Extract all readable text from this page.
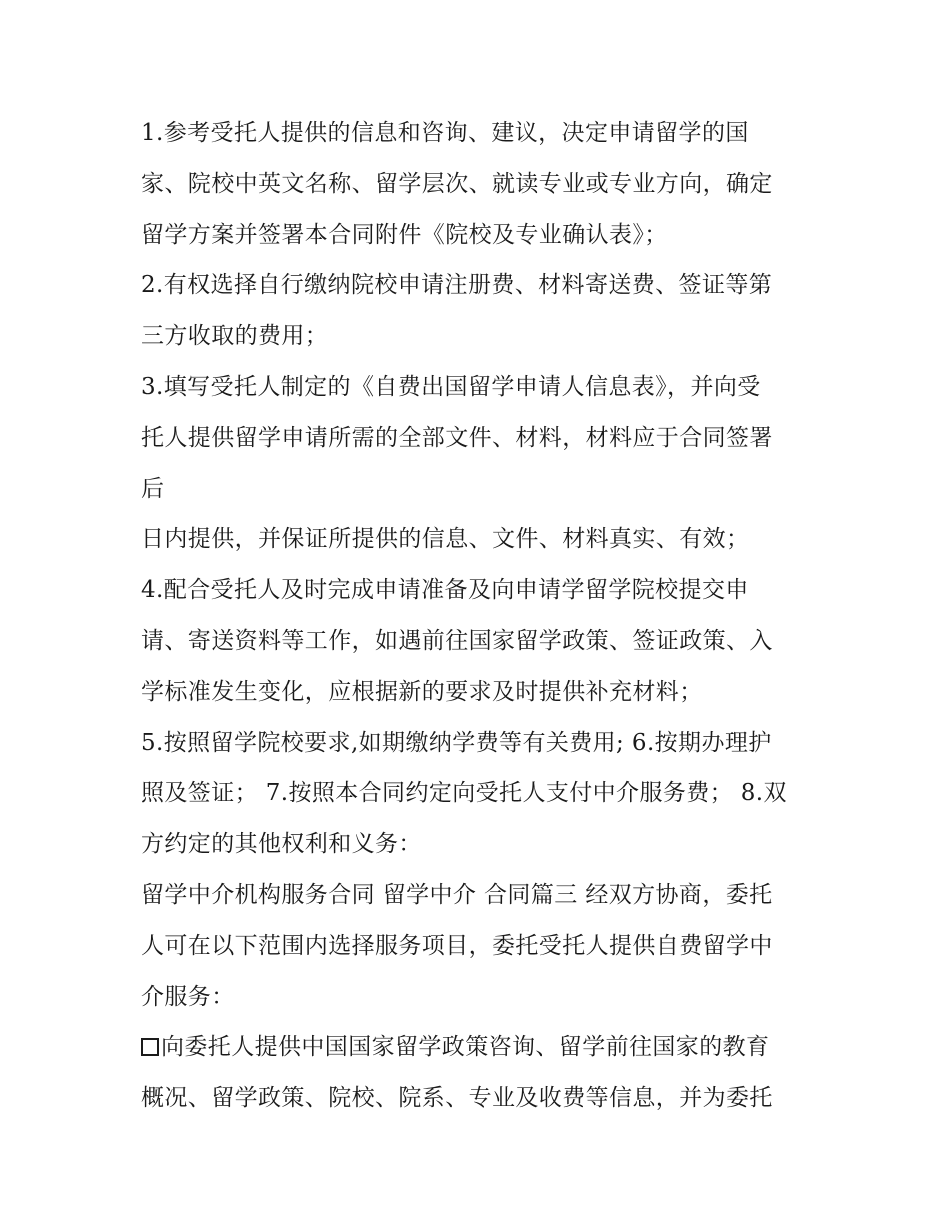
1.参考受托人提供的信息和咨询、建议，决定申请留学的国
家、院校中英文名称、留学层次、就读专业或专业方向，确定
留学方案并签署本合同附件《院校及专业确认表》；
2.有权选择自行缴纳院校申请注册费、材料寄送费、签证等第
三方收取的费用；
3.填写受托人制定的《自费出国留学申请人信息表》，并向受
托人提供留学申请所需的全部文件、材料，材料应于合同签署
后
日内提供，并保证所提供的信息、文件、材料真实、有效；
4.配合受托人及时完成申请准备及向申请学留学院校提交申
请、寄送资料等工作，如遇前往国家留学政策、签证政策、入
学标准发生变化，应根据新的要求及时提供补充材料；
5.按照留学院校要求,如期缴纳学费等有关费用; 6.按期办理护
照及签证； 7.按照本合同约定向受托人支付中介服务费； 8.双
方约定的其他权利和义务：
留学中介机构服务合同 留学中介 合同篇三 经双方协商，委托
人可在以下范围内选择服务项目，委托受托人提供自费留学中
介服务：
向委托人提供中国国家留学政策咨询、留学前往国家的教育
概况、留学政策、院校、院系、专业及收费等信息，并为委托
